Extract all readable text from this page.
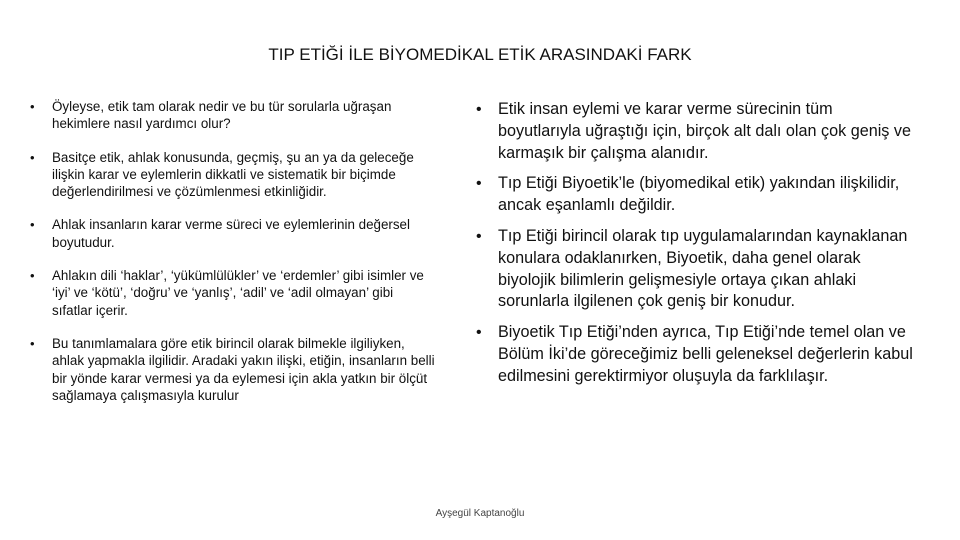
TIP ETİĞİ İLE BİYOMEDİKAL ETİK ARASINDAKİ FARK
• Öyleyse, etik tam olarak nedir ve bu tür sorularla uğraşan hekimlere nasıl yardımcı olur?
• Basitçe etik, ahlak konusunda, geçmiş, şu an ya da geleceğe ilişkin karar ve eylemlerin dikkatli ve sistematik bir biçimde değerlendirilmesi ve çözümlenmesi etkinliğidir.
• Ahlak insanların karar verme süreci ve eylemlerinin değersel boyutudur.
• Ahlakın dili ‘haklar’, ‘yükümlülükler’ ve ‘erdemler’ gibi isimler ve ‘iyi’ ve ‘kötü’, ‘doğru’ ve ‘yanlış’, ‘adil’ ve ‘adil olmayan’ gibi sıfatlar içerir.
• Bu tanımlamalara göre etik birincil olarak bilmekle ilgiliyken, ahlak yapmakla ilgilidir. Aradaki yakın ilişki, etiğin, insanların belli bir yönde karar vermesi ya da eylemesi için akla yatkın bir ölçüt sağlamaya çalışmasıyla kurulur
• Etik insan eylemi ve karar verme sürecinin tüm boyutlarıyla uğraştığı için, birçok alt dalı olan çok geniş ve karmaşık bir çalışma alanıdır.
• Tıp Etiği Biyoetik’le (biyomedikal etik) yakından ilişkilidir, ancak eşanlamlı değildir.
• Tıp Etiği birincil olarak tıp uygulamalarından kaynaklanan konulara odaklanırken, Biyoetik, daha genel olarak biyolojik bilimlerin gelişmesiyle ortaya çıkan ahlaki sorunlarla ilgilenen çok geniş bir konudur.
• Biyoetik Tıp Etiği’nden ayrıca, Tıp Etiği’nde temel olan ve Bölüm İki’de göreceğimiz belli geleneksel değerlerin kabul edilmesini gerektirmiyor oluşuyla da farklılaşır.
Ayşegül Kaptanoğlu
